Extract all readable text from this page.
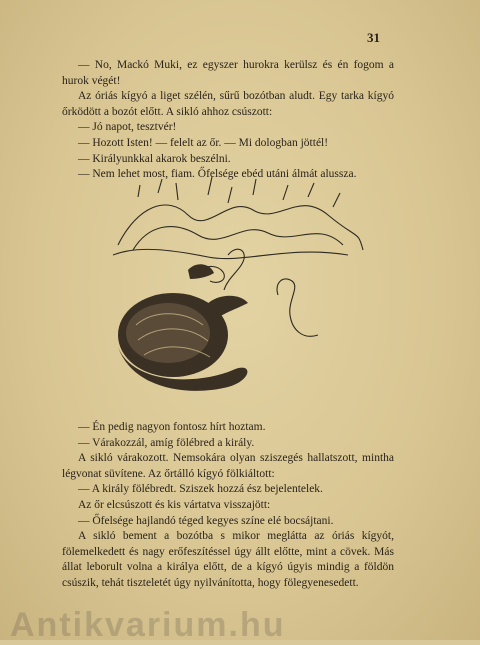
31

— No, Mackó Muki, ez egyszer hurokra kerülsz és én fogom a hurok végét!

Az óriás kígyó a liget szélén, sűrű bozótban aludt. Egy tarka kígyó őrködött a bozót előtt. A sikló ahhoz csúszott:

— Jó napot, tesztvér!

— Hozott Isten! — felelt az őr. — Mi dologban jöttél!

— Királyunkkal akarok beszélni.

— Nem lehet most, fiam. Őfelsége ebéd utáni álmát alussza.

— Én pedig nagyon fontosz hírt hoztam.

— Várakozzál, amíg fölébred a király.

A sikló várakozott. Nemsokára olyan sziszegés hallatszott, mintha légvonat süvítene. Az őrtálló kígyó fölkiáltott:

— A király fölébredt. Sziszek hozzá ész bejelentelek.

Az őr elcsúszott és kis vártatva visszajött:

— Őfelsége hajlandó téged kegyes színe elé bocsájtani.

A sikló bement a bozótba s mikor meglátta az óriás kígyót, fölemelkedett és nagy erőfeszítéssel úgy állt előtte, mint a cövek. Más állat leborult volna a királya előtt, de a kígyó úgyis mindig a földön csúszik, tehát tiszteletét úgy nyilvánította, hogy fölegyenesedett.

Antikvarium.hu
